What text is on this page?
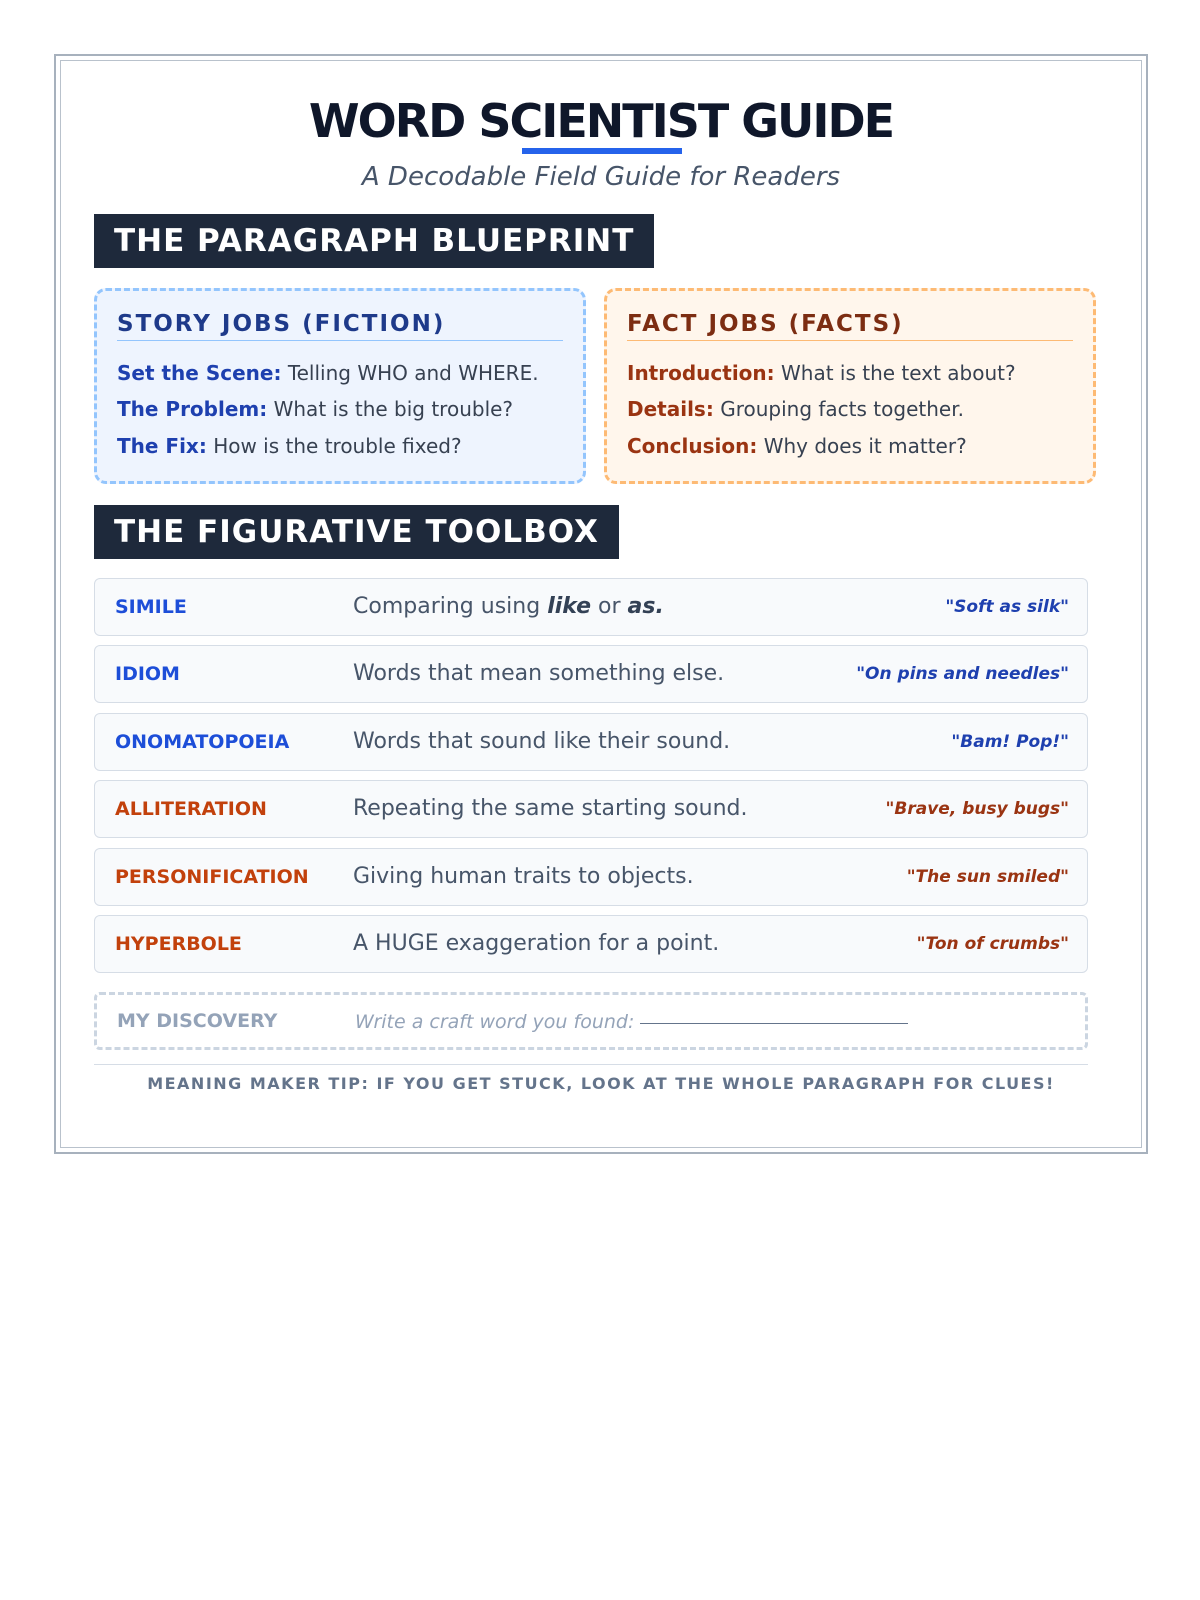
WORD SCIENTIST GUIDE
A Decodable Field Guide for Readers
THE PARAGRAPH BLUEPRINT
STORY JOBS (FICTION)
Set the Scene: Telling WHO and WHERE.
The Problem: What is the big trouble?
The Fix: How is the trouble fixed?
FACT JOBS (FACTS)
Introduction: What is the text about?
Details: Grouping facts together.
Conclusion: Why does it matter?
THE FIGURATIVE TOOLBOX
SIMILE	Comparing using like or as.	"Soft as silk"
IDIOM	Words that mean something else.	"On pins and needles"
ONOMATOPOEIA	Words that sound like their sound.	"Bam! Pop!"
ALLITERATION	Repeating the same starting sound.	"Brave, busy bugs"
PERSONIFICATION Giving human traits to objects.	"The sun smiled"
HYPERBOLE	A HUGE exaggeration for a point.	"Ton of crumbs"
MY DISCOVERY	Write a craft word you found:
MEANING MAKER TIP: IF YOU GET STUCK, LOOK AT THE WHOLE PARAGRAPH FOR CLUES!
